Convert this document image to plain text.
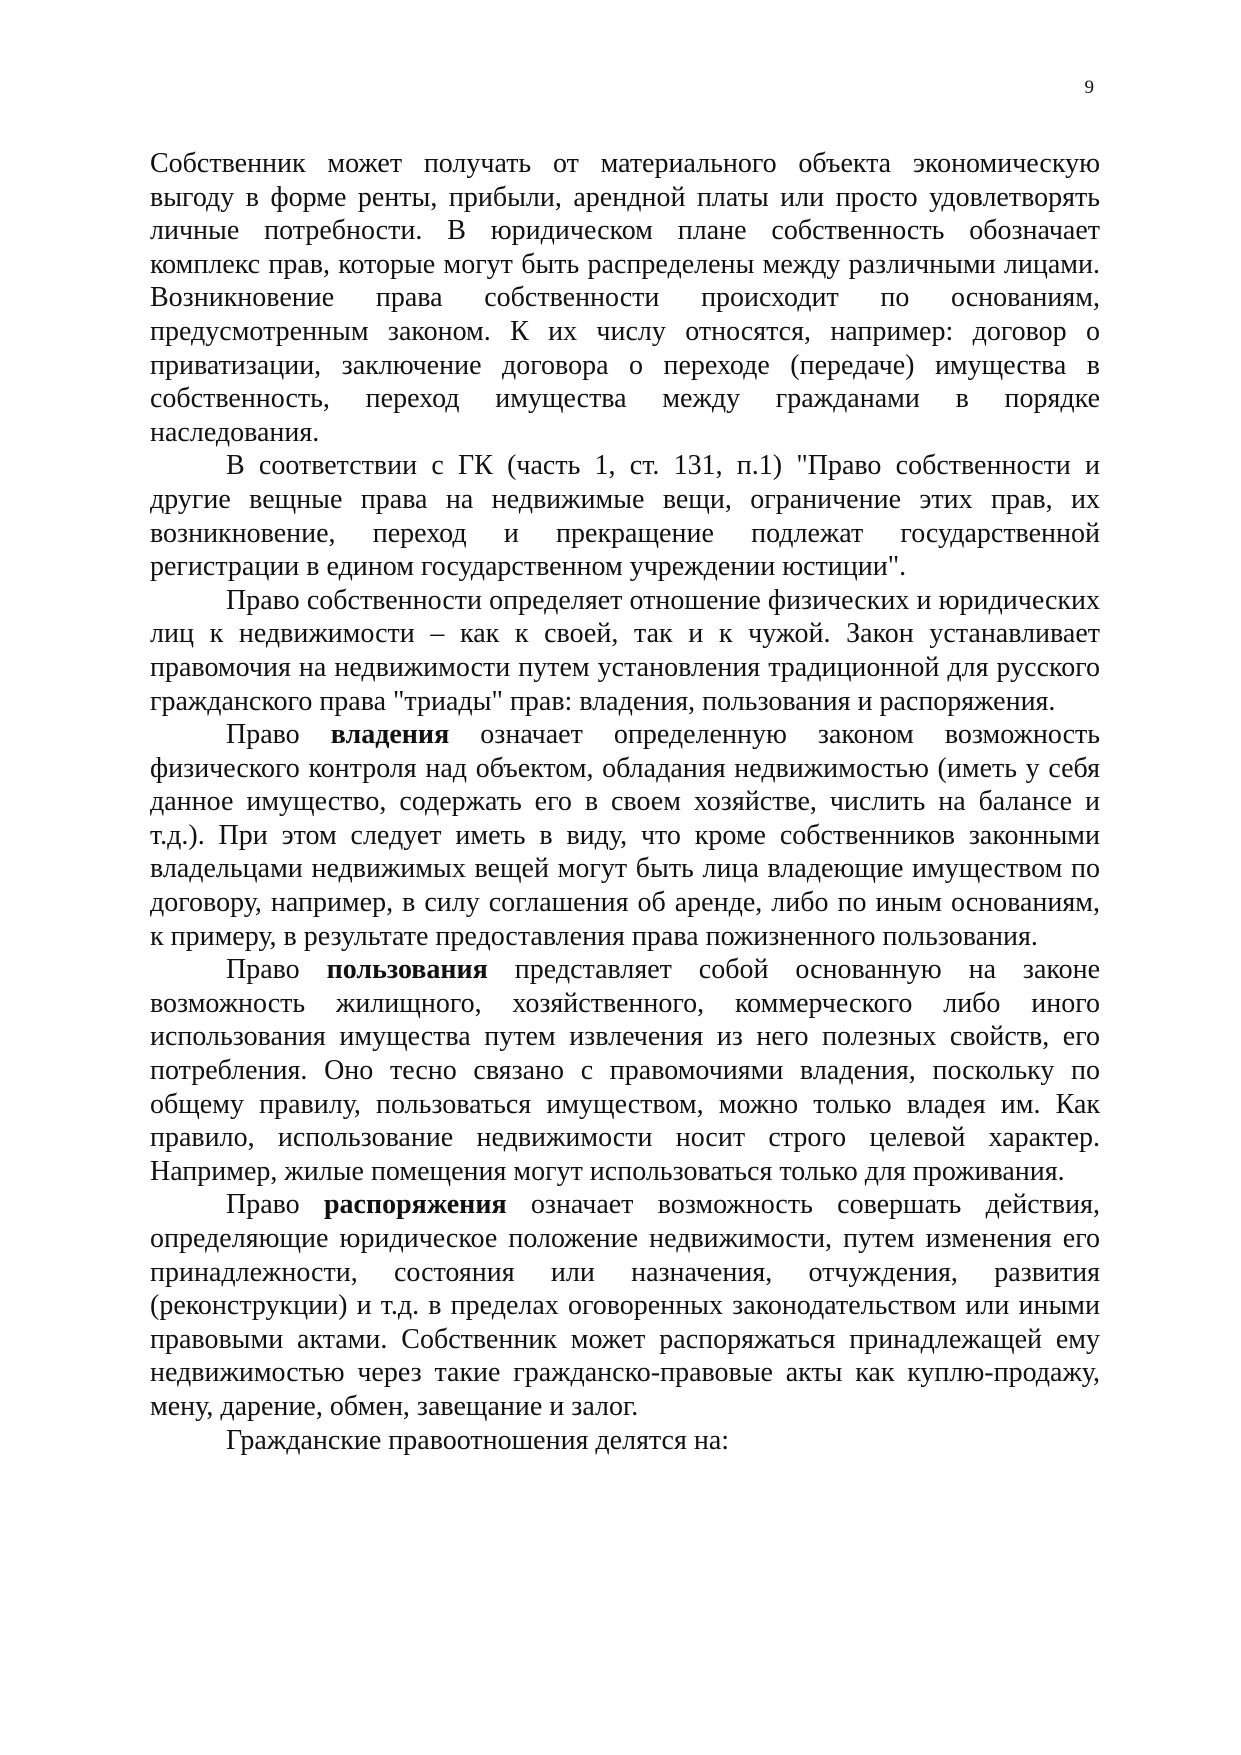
9

Собственник может получать от материального объекта экономическую выгоду в форме ренты, прибыли, арендной платы или просто удовлетворять личные потребности. В юридическом плане собственность обозначает комплекс прав, которые могут быть распределены между различными лицами. Возникновение права собственности происходит по основаниям, предусмотренным законом. К их числу относятся, например: договор о приватизации, заключение договора о переходе (передаче) имущества в собственность, переход имущества между гражданами в порядке наследования.

В соответствии с ГК (часть 1, ст. 131, п.1) "Право собственности и другие вещные права на недвижимые вещи, ограничение этих прав, их возникновение, переход и прекращение подлежат государственной регистрации в едином государственном учреждении юстиции".

Право собственности определяет отношение физических и юридических лиц к недвижимости – как к своей, так и к чужой. Закон устанавливает правомочия на недвижимости путем установления традиционной для русского гражданского права "триады" прав: владения, пользования и распоряжения.

Право владения означает определенную законом возможность физического контроля над объектом, обладания недвижимостью (иметь у себя данное имущество, содержать его в своем хозяйстве, числить на балансе и т.д.). При этом следует иметь в виду, что кроме собственников законными владельцами недвижимых вещей могут быть лица владеющие имуществом по договору, например, в силу соглашения об аренде, либо по иным основаниям, к примеру, в результате предоставления права пожизненного пользования.

Право пользования представляет собой основанную на законе возможность жилищного, хозяйственного, коммерческого либо иного использования имущества путем извлечения из него полезных свойств, его потребления. Оно тесно связано с правомочиями владения, поскольку по общему правилу, пользоваться имуществом, можно только владея им. Как правило, использование недвижимости носит строго целевой характер. Например, жилые помещения могут использоваться только для проживания.

Право распоряжения означает возможность совершать действия, определяющие юридическое положение недвижимости, путем изменения его принадлежности, состояния или назначения, отчуждения, развития (реконструкции) и т.д. в пределах оговоренных законодательством или иными правовыми актами. Собственник может распоряжаться принадлежащей ему недвижимостью через такие гражданско-правовые акты как куплю-продажу, мену, дарение, обмен, завещание и залог.

Гражданские правоотношения делятся на:
